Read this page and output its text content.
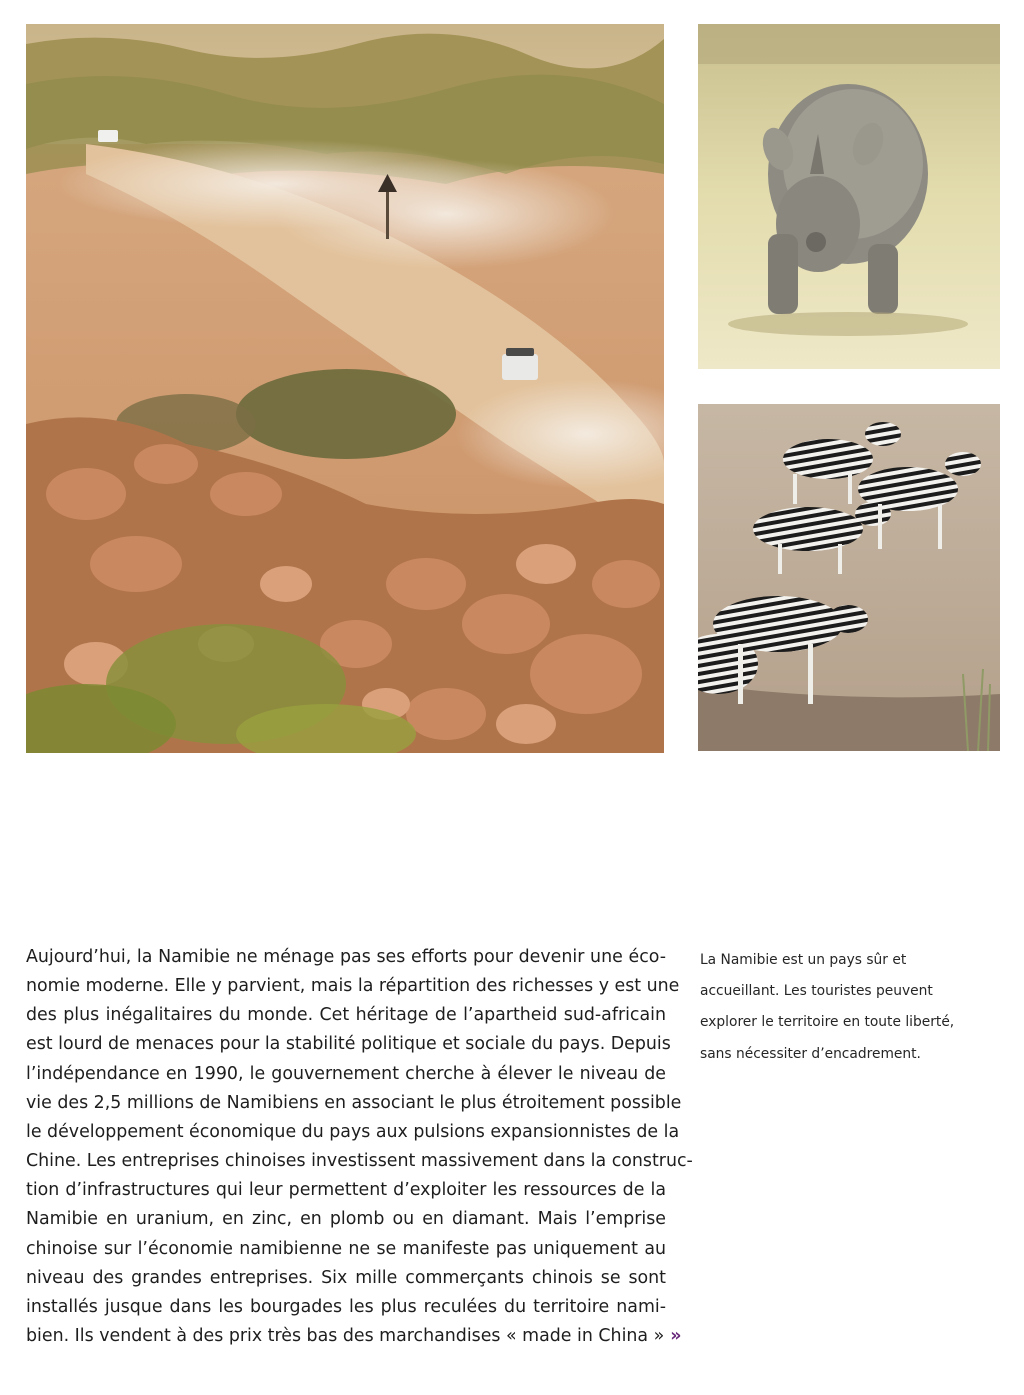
Aujourd’hui, la Namibie ne ménage pas ses efforts pour devenir une éco-
nomie moderne. Elle y parvient, mais la répartition des richesses y est une
des plus inégalitaires du monde. Cet héritage de l’apartheid sud-africain
est lourd de menaces pour la stabilité politique et sociale du pays. Depuis
l’indépendance en 1990, le gouvernement cherche à élever le niveau de
vie des 2,5 millions de Namibiens en associant le plus étroitement possible
le développement économique du pays aux pulsions expansionnistes de la
Chine. Les entreprises chinoises investissent massivement dans la construc-
tion d’infrastructures qui leur permettent d’exploiter les ressources de la
Namibie en uranium, en zinc, en plomb ou en diamant. Mais l’emprise
chinoise sur l’économie namibienne ne se manifeste pas uniquement au
niveau des grandes entreprises. Six mille commerçants chinois se sont
installés jusque dans les bourgades les plus reculées du territoire nami-
bien. Ils vendent à des prix très bas des marchandises « made in China » »

La Namibie est un pays sûr et
accueillant. Les touristes peuvent
explorer le territoire en toute liberté,
sans nécessiter d’encadrement.
